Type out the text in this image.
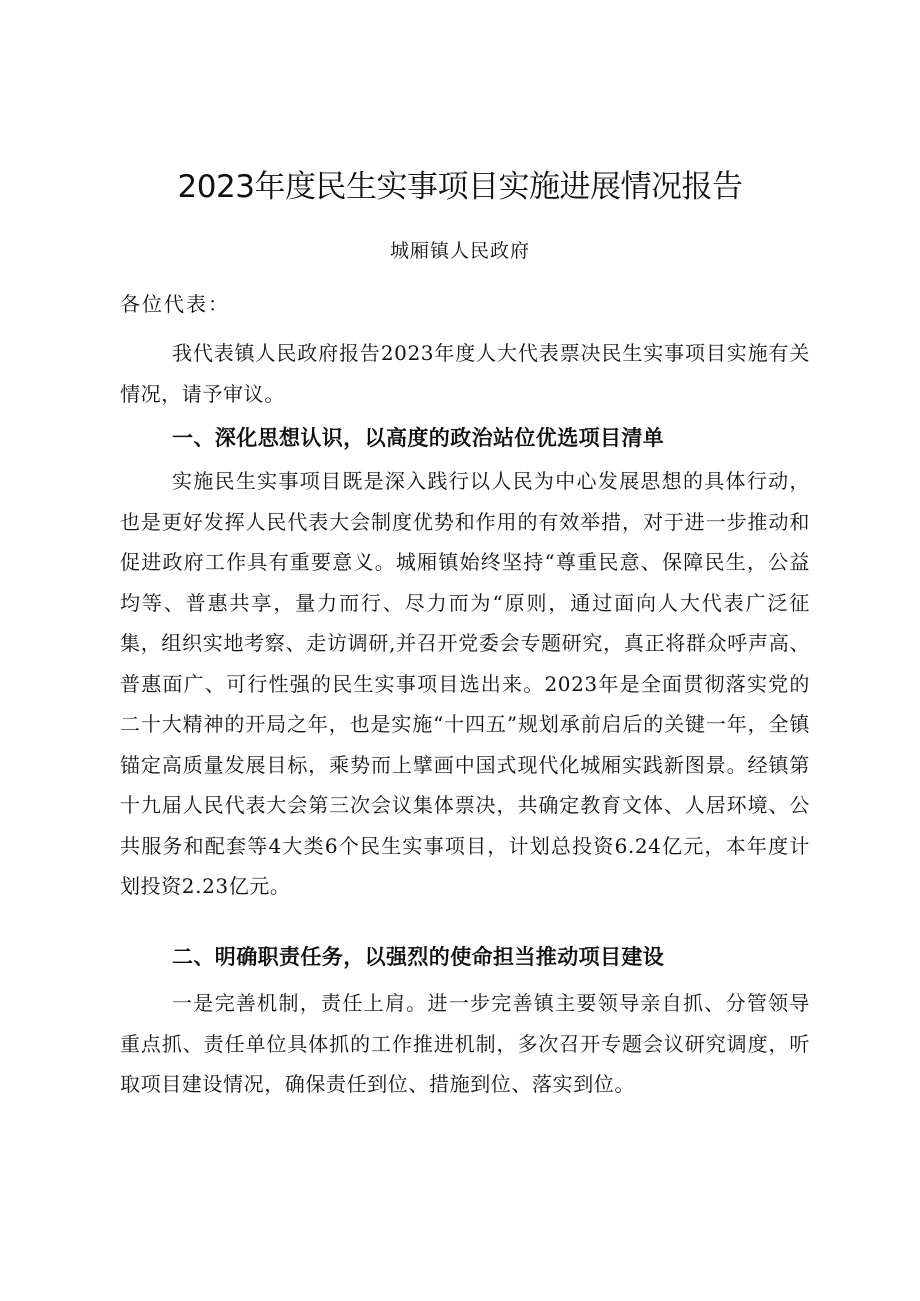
2023年度民生实事项目实施进展情况报告

城厢镇人民政府

各位代表：

我代表镇人民政府报告2023年度人大代表票决民生实事项目实施有关情况，请予审议。

一、深化思想认识，以高度的政治站位优选项目清单

实施民生实事项目既是深入践行以人民为中心发展思想的具体行动，也是更好发挥人民代表大会制度优势和作用的有效举措，对于进一步推动和促进政府工作具有重要意义。城厢镇始终坚持“尊重民意、保障民生，公益均等、普惠共享，量力而行、尽力而为“原则，通过面向人大代表广泛征集，组织实地考察、走访调研,并召开党委会专题研究，真正将群众呼声高、普惠面广、可行性强的民生实事项目选出来。2023年是全面贯彻落实党的二十大精神的开局之年，也是实施“十四五”规划承前启后的关键一年，全镇锚定高质量发展目标，乘势而上擘画中国式现代化城厢实践新图景。经镇第十九届人民代表大会第三次会议集体票决，共确定教育文体、人居环境、公共服务和配套等4大类6个民生实事项目，计划总投资6.24亿元，本年度计划投资2.23亿元。

二、明确职责任务，以强烈的使命担当推动项目建设

一是完善机制，责任上肩。进一步完善镇主要领导亲自抓、分管领导重点抓、责任单位具体抓的工作推进机制，多次召开专题会议研究调度，听取项目建设情况，确保责任到位、措施到位、落实到位。
